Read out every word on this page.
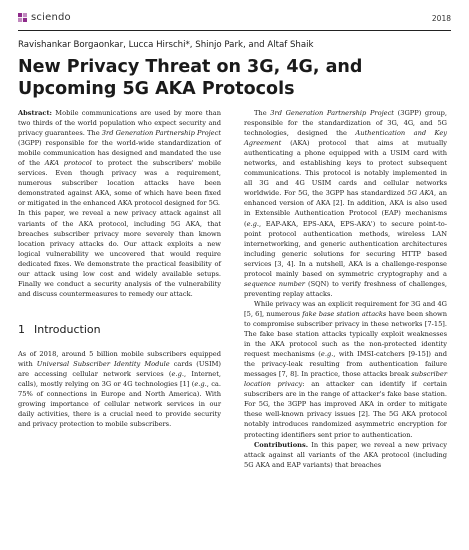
sciendo	2018
Ravishankar Borgaonkar, Lucca Hirschi*, Shinjo Park, and Altaf Shaik
New Privacy Threat on 3G, 4G, and Upcoming 5G AKA Protocols

Abstract: Mobile communications are used by more than two thirds of the world population who expect security and privacy guarantees. The 3rd Generation Partnership Project (3GPP) responsible for the world-wide standardization of mobile communication has designed and mandated the use of the AKA protocol to protect the subscribers' mobile services. Even though privacy was a requirement, numerous subscriber location attacks have been demonstrated against AKA, some of which have been fixed or mitigated in the enhanced AKA protocol designed for 5G.

In this paper, we reveal a new privacy attack against all variants of the AKA protocol, including 5G AKA, that breaches subscriber privacy more severely than known location privacy attacks do. Our attack exploits a new logical vulnerability we uncovered that would require dedicated fixes. We demonstrate the practical feasibility of our attack using low cost and widely available setups. Finally we conduct a security analysis of the vulnerability and discuss countermeasures to remedy our attack.

1 Introduction

As of 2018, around 5 billion mobile subscribers equipped with Universal Subscriber Identity Module cards (USIM) are accessing cellular network services (e.g., Internet, calls), mostly relying on 3G or 4G technologies [1] (e.g., ca. 75% of connections in Europe and North America). With growing importance of cellular network services in our daily activities, there is a crucial need to provide security and privacy protection to mobile subscribers.

The 3rd Generation Partnership Project (3GPP) group, responsible for the standardization of 3G, 4G, and 5G technologies, designed the Authentication and Key Agreement (AKA) protocol that aims at mutually authenticating a phone equipped with a USIM card with networks, and establishing keys to protect subsequent communications. This protocol is notably implemented in all 3G and 4G USIM cards and cellular networks worldwide. For 5G, the 3GPP has standardized 5G AKA, an enhanced version of AKA [2]. In addition, AKA is also used in Extensible Authentication Protocol (EAP) mechanisms (e.g., EAP-AKA, EPS-AKA, EPS-AKA') to secure point-to-point protocol authentication methods, wireless LAN internetworking, and generic authentication architectures including generic solutions for securing HTTP based services [3, 4]. In a nutshell, AKA is a challenge-response protocol mainly based on symmetric cryptography and a sequence number (SQN) to verify freshness of challenges, preventing replay attacks.

While privacy was an explicit requirement for 3G and 4G [5, 6], numerous fake base station attacks have been shown to compromise subscriber privacy in these networks [7-15]. The fake base station attacks typically exploit weaknesses in the AKA protocol such as the non-protected identity request mechanisms (e.g., with IMSI-catchers [9-15]) and the privacy-leak resulting from authentication failure messages [7, 8]. In practice, those attacks break subscriber location privacy: an attacker can identify if certain subscribers are in the range of attacker's fake base station. For 5G, the 3GPP has improved AKA in order to mitigate these well-known privacy issues [2]. The 5G AKA protocol notably introduces randomized asymmetric encryption for protecting identifiers sent prior to authentication.

Contributions. In this paper, we reveal a new privacy attack against all variants of the AKA protocol (including 5G AKA and EAP variants) that breaches
